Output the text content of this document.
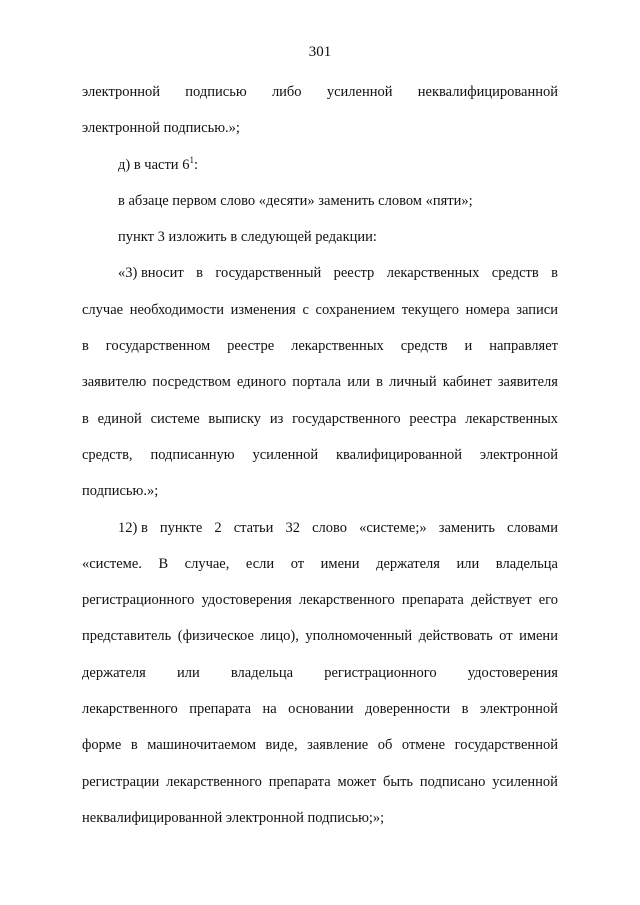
301
электронной подписью либо усиленной неквалифицированной
электронной подписью.»;
д) в части $6^1$:
в абзаце первом слово «десяти» заменить словом «пяти»;
пункт 3 изложить в следующей редакции:
«3) вносит в государственный реестр лекарственных средств в
случае необходимости изменения с сохранением текущего номера записи
в государственном реестре лекарственных средств и направляет
заявителю посредством единого портала или в личный кабинет заявителя
в единой системе выписку из государственного реестра лекарственных
средств, подписанную усиленной квалифицированной электронной
подписью.»;
12) в пункте 2 статьи 32 слово «системе;» заменить словами
«системе. В случае, если от имени держателя или владельца
регистрационного удостоверения лекарственного препарата действует его
представитель (физическое лицо), уполномоченный действовать от имени
держателя или владельца регистрационного удостоверения
лекарственного препарата на основании доверенности в электронной
форме в машиночитаемом виде, заявление об отмене государственной
регистрации лекарственного препарата может быть подписано усиленной
неквалифицированной электронной подписью;»;
